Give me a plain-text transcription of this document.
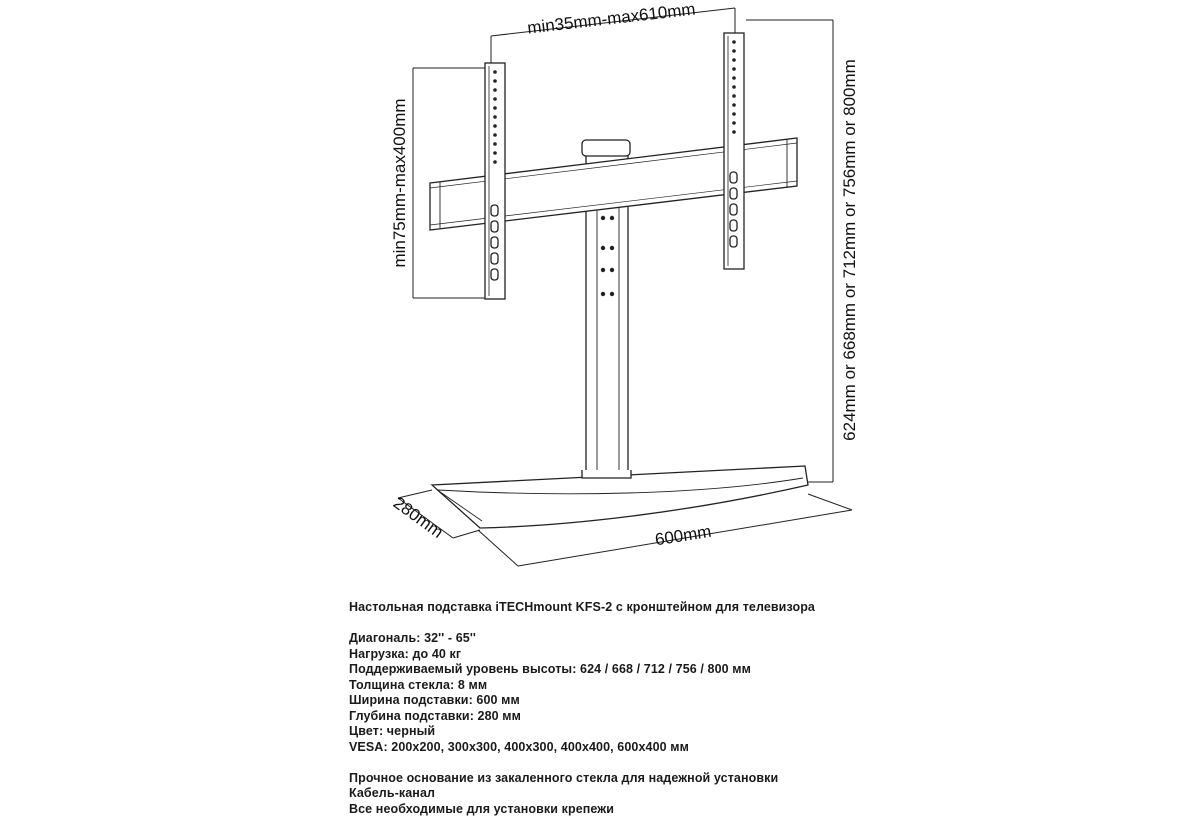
min35mm-max610mm
min75mm-max400mm	624mm or 668mm or 712mm or 756mm or 800mm
280mm	600mm
Настольная подставка iTECHmount KFS-2 с кронштейном для телевизора
Диагональ: 32'' - 65''
Нагрузка: до 40 кг
Поддерживаемый уровень высоты: 624 / 668 / 712 / 756 / 800 мм
Толщина стекла: 8 мм
Ширина подставки: 600 мм
Глубина подставки: 280 мм
Цвет: черный
VESA: 200x200, 300x300, 400x300, 400x400, 600x400 мм
Прочное основание из закаленного стекла для надежной установки
Кабель-канал
Все необходимые для установки крепежи
